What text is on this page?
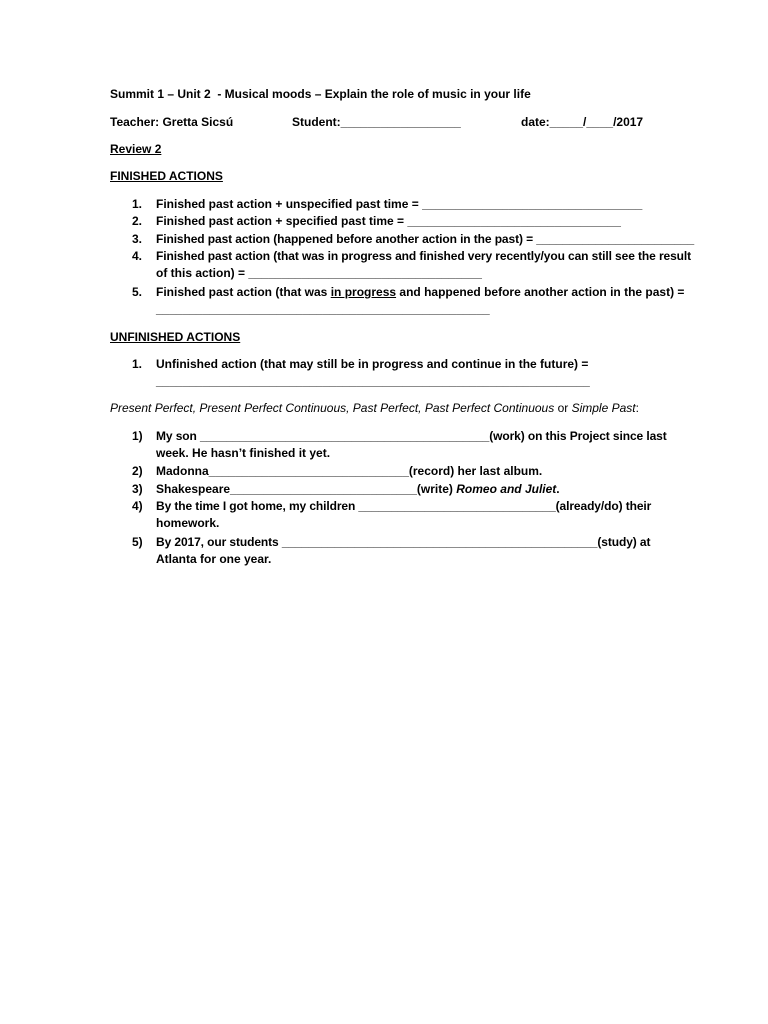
Summit 1 – Unit 2  - Musical moods – Explain the role of music in your life
Teacher: Gretta Sicsú	Student:__________________	date:_____/____/2017
Review 2
FINISHED ACTIONS
1.	Finished past action + unspecified past time = _________________________________
2.	Finished past action + specified past time = ________________________________
3.	Finished past action (happened before another action in the past) = ________________________
4.	Finished past action (that was in progress and finished very recently/you can still see the result
of this action) = ___________________________________
5.	Finished past action (that was in progress and happened before another action in the past) =
__________________________________________________
UNFINISHED ACTIONS
1.	Unfinished action (that may still be in progress and continue in the future) =
_________________________________________________________________
Present Perfect, Present Perfect Continuous, Past Perfect, Past Perfect Continuous or Simple Past:
1)	My son ____________________________________________(work) on this Project since last
week. He hasn’t finished it yet.
2)	Madonna______________________________(record) her last album.
3)	Shakespeare____________________________(write) Romeo and Juliet.
4)	By the time I got home, my children ______________________________(already/do) their
homework.
5)	By 2017, our students ________________________________________________(study) at
Atlanta for one year.
